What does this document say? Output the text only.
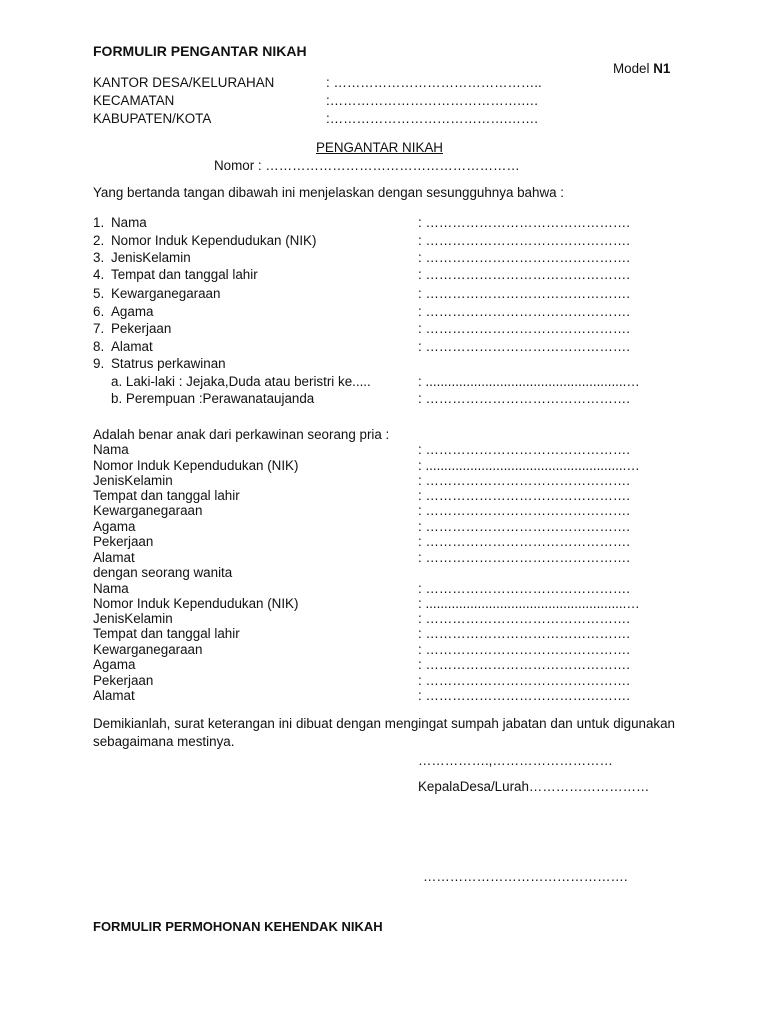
FORMULIR PENGANTAR NIKAH
Model N1
KANTOR DESA/KELURAHAN	: ………………………………………..
KECAMATAN	:…………………………………….….
KABUPATEN/KOTA	:………………………………….…….
PENGANTAR NIKAH
Nomor : …………………………………………………
Yang bertanda tangan dibawah ini menjelaskan dengan sesungguhnya bahwa :
1. Nama	: ……………………………………….
2. Nomor Induk Kependudukan (NIK)	: ……………………………………….
3. JenisKelamin	: ……………………………………….
4. Tempat dan tanggal lahir	: ……………………………………….
5. Kewarganegaraan	: ……………………………………….
6. Agama	: ……………………………………….
7. Pekerjaan	: ……………………………………….
8. Alamat	: ……………………………………….
9. Statrus perkawinan
a. Laki-laki : Jejaka,Duda atau beristri ke.....	: ......................................................…
b. Perempuan :Perawanataujanda	: ……………………………………….
Adalah benar anak dari perkawinan seorang pria :
Nama	: ……………………………………….
Nomor Induk Kependudukan (NIK)	: ......................................................…
JenisKelamin	: ……………………………………….
Tempat dan tanggal lahir	: ……………………………………….
Kewarganegaraan	: ……………………………………….
Agama	: ……………………………………….
Pekerjaan	: ……………………………………….
Alamat	: ……………………………………….
dengan seorang wanita
Nama	: ……………………………………….
Nomor Induk Kependudukan (NIK)	: ......................................................…
JenisKelamin	: ……………………………………….
Tempat dan tanggal lahir	: ……………………………………….
Kewarganegaraan	: ……………………………………….
Agama	: ……………………………………….
Pekerjaan	: ……………………………………….
Alamat	: ……………………………………….
Demikianlah, surat keterangan ini dibuat dengan mengingat sumpah jabatan dan untuk digunakan sebagaimana mestinya.
…………….,………………………
KepalaDesa/Lurah………………………
……………………………………….
FORMULIR PERMOHONAN KEHENDAK NIKAH
